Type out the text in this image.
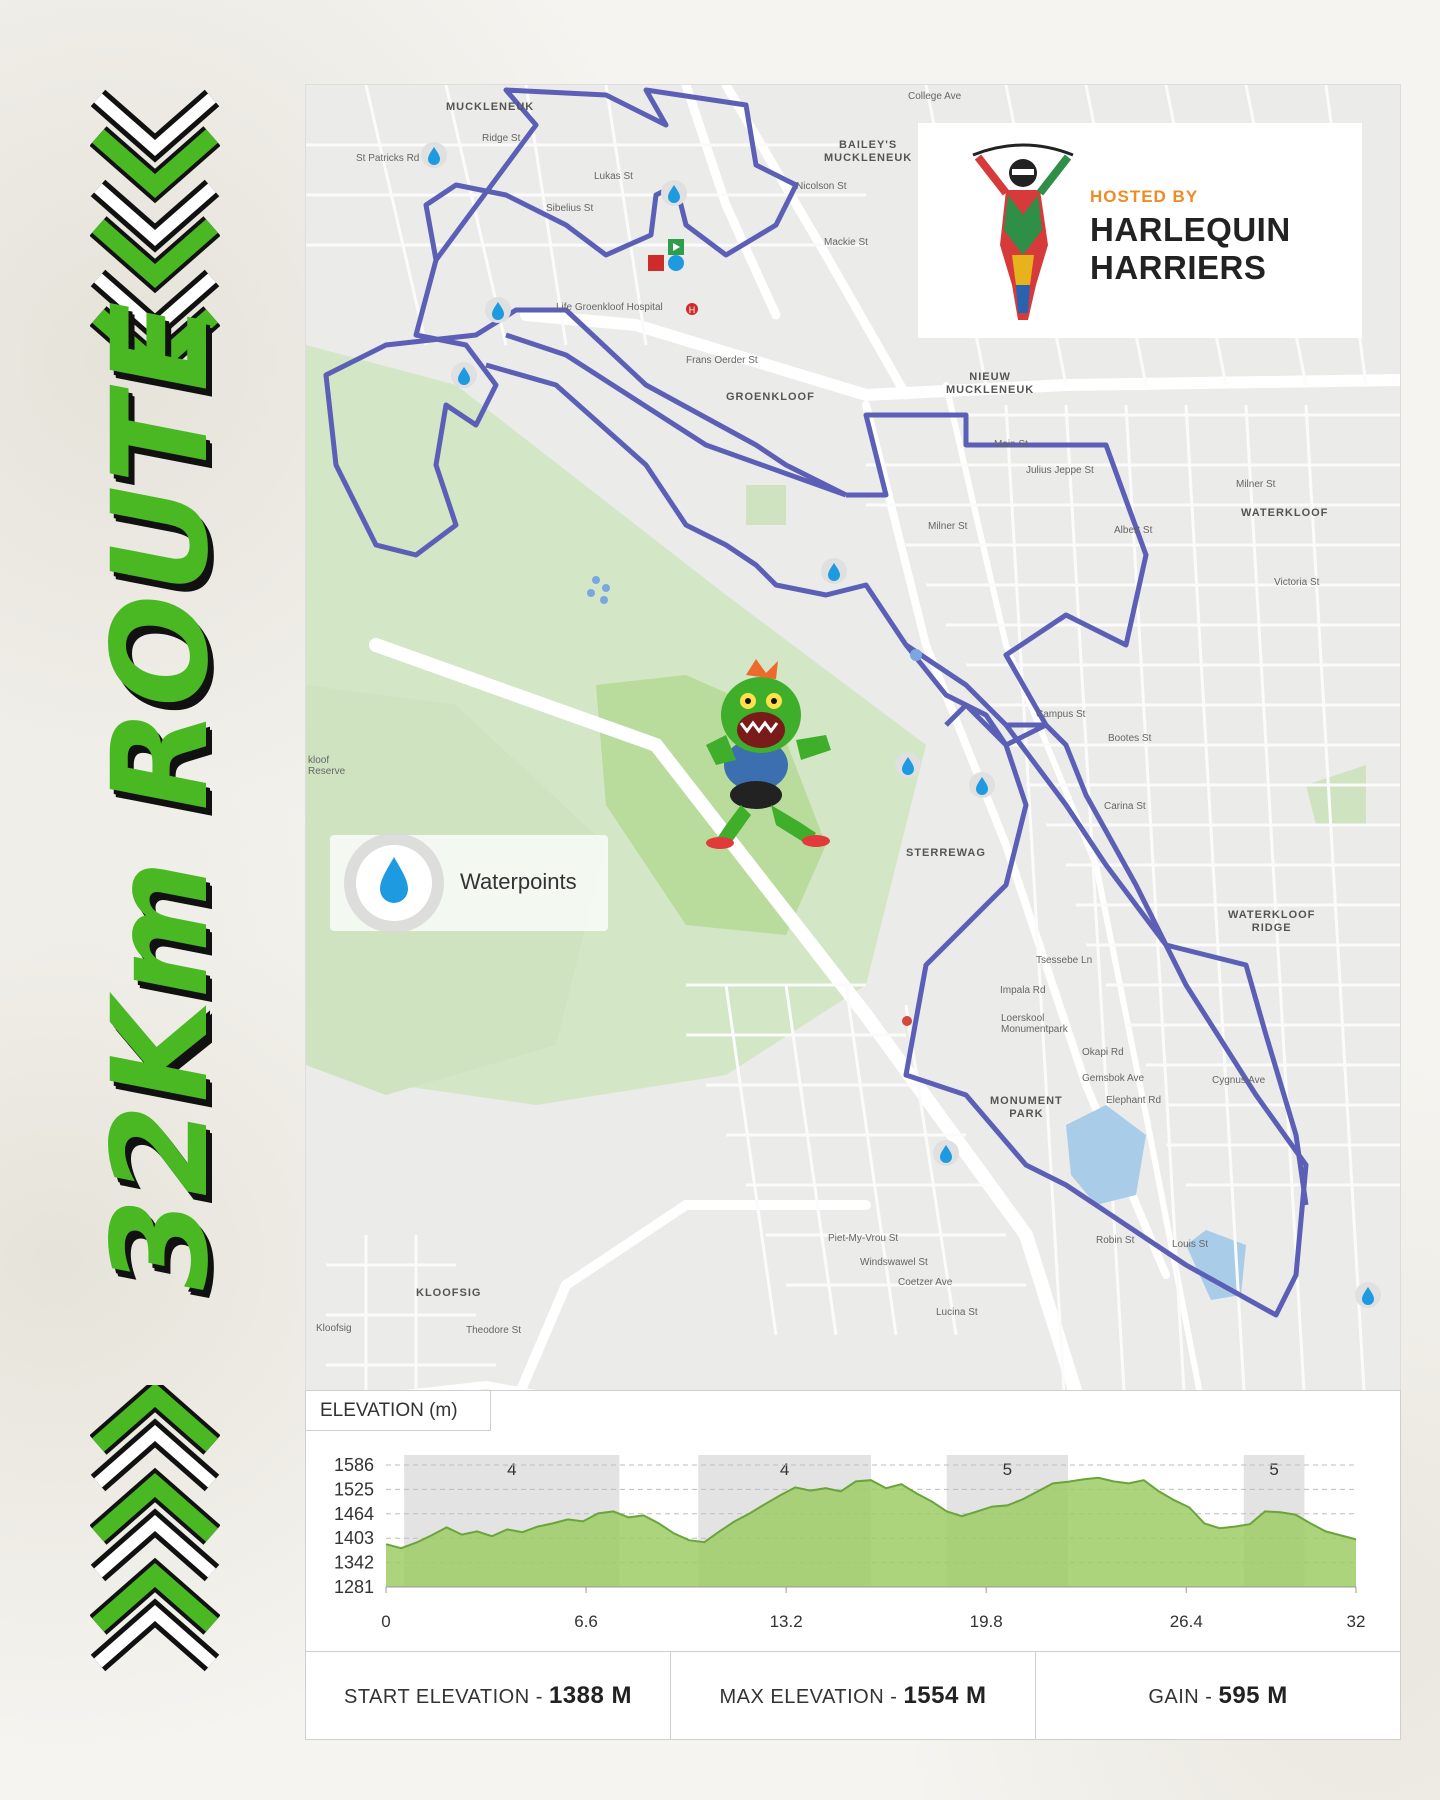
32Km ROUTE	H
MUCKLENEUK
BAILEY'S
MUCKLENEUK
GROENKLOOF
NIEUW
MUCKLENEUK
WATERKLOOF
STERREWAG
WATERKLOOF
RIDGE
MONUMENT
PARK
KLOOFSIG
Ridge St
St Patricks Rd
Lukas St
Sibelius St
Nicolson St
Mackie St
College Ave
Frans Oerder St
Main St
Julius Jeppe St
Milner St
Milner St	Albert St
Victoria St
Campus St
Bootes St
Carina St
Tsessebe Ln
Impala Rd
Loerskool
Monumentpark
Okapi Rd
Gemsbok Ave
Elephant Rd
Cygnus Ave
Robin St	Louis St
Piet-My-Vrou St
Windswawel St
Coetzer Ave
Lucina St
Theodore St
Kloofsig
Life Groenkloof Hospital
kloof
Reserve
HOSTED BY
HARLEQUIN
HARRIERS
Waterpoints
ELEVATION (m)
4	4	5	5
1586
1525
1464
1403
1342
1281
0	6.6	13.2	19.8	26.4	32
START ELEVATION - 1388 M	MAX ELEVATION - 1554 M	GAIN - 595 M
